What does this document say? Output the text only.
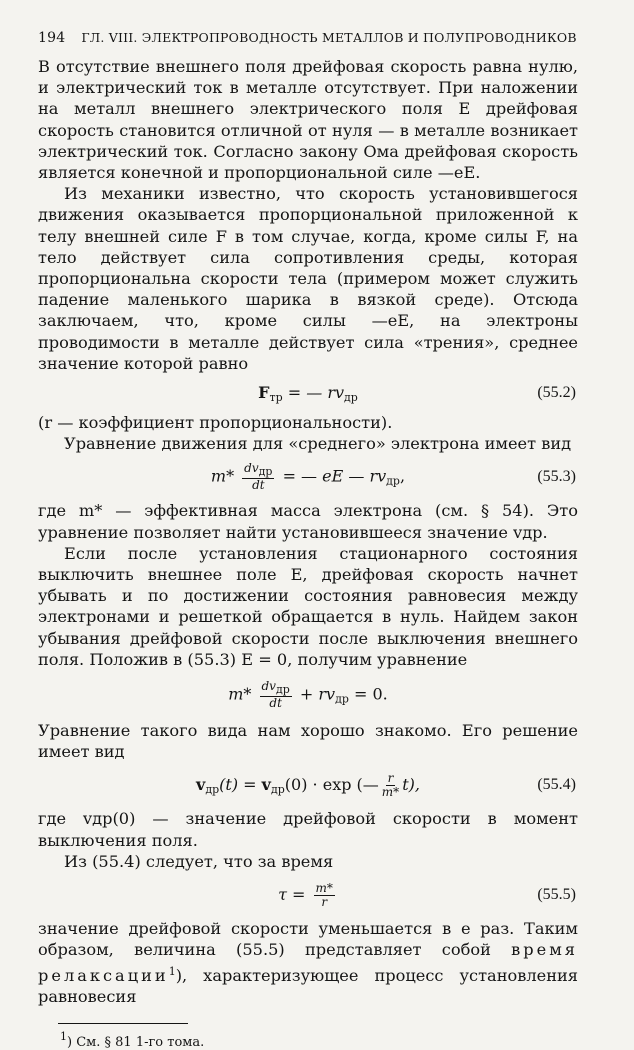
194 ГЛ. VIII. ЭЛЕКТРОПРОВОДНОСТЬ МЕТАЛЛОВ И ПОЛУПРОВОДНИКОВ

В отсутствие внешнего поля дрейфовая скорость равна нулю, и электрический ток в металле отсутствует. При наложении на металл внешнего электрического поля E дрейфовая скорость становится отличной от нуля — в металле возникает электрический ток. Согласно закону Ома дрейфовая скорость является конечной и пропорциональной силе —eE.

Из механики известно, что скорость установившегося движения оказывается пропорциональной приложенной к телу внешней силе F в том случае, когда, кроме силы F, на тело действует сила сопротивления среды, которая пропорциональна скорости тела (примером может служить падение маленького шарика в вязкой среде). Отсюда заключаем, что, кроме силы —eE, на электроны проводимости в металле действует сила «трения», среднее значение которой равно

$F_{тр}$ = — $rv_{др}$	(55.2)

(r — коэффициент пропорциональности).

Уравнение движения для «среднего» электрона имеет вид

$m* \frac{\text{dvдр}}{dt}$ = — eE — $rv_{др}$,	(55.3)

где m* — эффективная масса электрона (см. § 54). Это уравнение позволяет найти установившееся значение vдр.

Если после установления стационарного состояния выключить внешнее поле E, дрейфовая скорость начнет убывать и по достижении состояния равновесия между электронами и решеткой обращается в нуль. Найдем закон убывания дрейфовой скорости после выключения внешнего поля. Положив в (55.3) E = 0, получим уравнение

$m* \frac{\text{dvдр}}{dt} + rv_{др} = 0$.

Уравнение такого вида нам хорошо знакомо. Его решение имеет вид

$v_{др}(t) = v_{др}(0) \cdot \exp$ (— $\frac{r}{m*} t$),	(55.4)

где vдр(0) — значение дрейфовой скорости в момент выключения поля.

Из (55.4) следует, что за время

$\tau = \frac{m*}{r}$	(55.5)

значение дрейфовой скорости уменьшается в e раз. Таким образом, величина (55.5) представляет собой время релаксации$^1$), характеризующее процесс установления равновесия

$^1$) См. § 81 1-го тома.
